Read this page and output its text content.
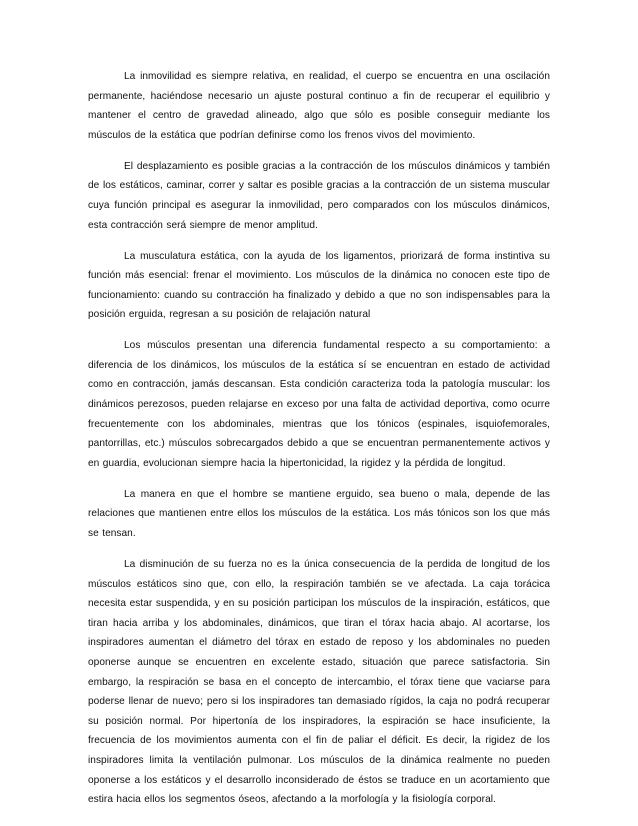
La inmovilidad es siempre relativa, en realidad, el cuerpo se encuentra en una oscilación permanente, haciéndose necesario un ajuste postural continuo a fin de recuperar el equilibrio y mantener el centro de gravedad alineado, algo que sólo es posible conseguir mediante los músculos de la estática que podrían definirse como los frenos vivos del movimiento.

El desplazamiento es posible gracias a la contracción de los músculos dinámicos y también de los estáticos, caminar, correr y saltar es posible gracias a la contracción de un sistema muscular cuya función principal es asegurar la inmovilidad, pero comparados con los músculos dinámicos, esta contracción será siempre de menor amplitud.

La musculatura estática, con la ayuda de los ligamentos, priorizará de forma instintiva su función más esencial: frenar el movimiento. Los músculos de la dinámica no conocen este tipo de funcionamiento: cuando su contracción ha finalizado y debido a que no son indispensables para la posición erguida, regresan a su posición de relajación natural

Los músculos presentan una diferencia fundamental respecto a su comportamiento: a diferencia de los dinámicos, los músculos de la estática sí se encuentran en estado de actividad como en contracción, jamás descansan. Esta condición caracteriza toda la patología muscular: los dinámicos perezosos, pueden relajarse en exceso por una falta de actividad deportiva, como ocurre frecuentemente con los abdominales, mientras que los tónicos (espinales, isquiofemorales, pantorrillas, etc.) músculos sobrecargados debido a que se encuentran permanentemente activos y en guardia, evolucionan siempre hacia la hipertonicidad, la rigidez y la pérdida de longitud.

La manera en que el hombre se mantiene erguido, sea bueno o mala, depende de las relaciones que mantienen entre ellos los músculos de la estática. Los más tónicos son los que más se tensan.

La disminución de su fuerza no es la única consecuencia de la perdida de longitud de los músculos estáticos sino que, con ello, la respiración también se ve afectada. La caja torácica necesita estar suspendida, y en su posición participan los músculos de la inspiración, estáticos, que tiran hacia arriba y los abdominales, dinámicos, que tiran el tórax hacia abajo. Al acortarse, los inspiradores aumentan el diámetro del tórax en estado de reposo y los abdominales no pueden oponerse aunque se encuentren en excelente estado, situación que parece satisfactoria. Sin embargo, la respiración se basa en el concepto de intercambio, el tórax tiene que vaciarse para poderse llenar de nuevo; pero si los inspiradores tan demasiado rígidos, la caja no podrá recuperar su posición normal. Por hipertonía de los inspiradores, la espiración se hace insuficiente, la frecuencia de los movimientos aumenta con el fin de paliar el déficit. Es decir, la rigidez de los inspiradores limita la ventilación pulmonar. Los músculos de la dinámica realmente no pueden oponerse a los estáticos y el desarrollo inconsiderado de éstos se traduce en un acortamiento que estira hacia ellos los segmentos óseos, afectando a la morfología y la fisiología corporal.
